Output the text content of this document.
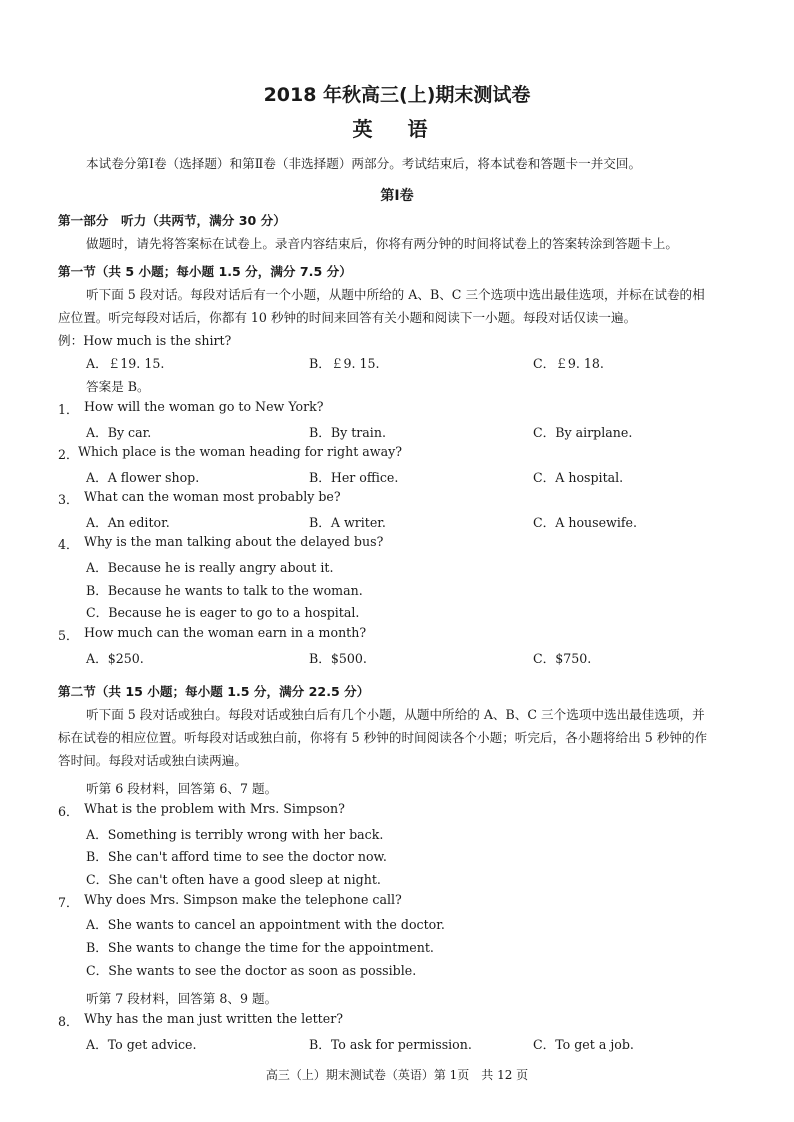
2018 年秋高三(上)期末测试卷
英 语
本试卷分第Ⅰ卷（选择题）和第Ⅱ卷（非选择题）两部分。考试结束后，将本试卷和答题卡一并交回。
第Ⅰ卷
第一部分　听力（共两节，满分 30 分）
做题时，请先将答案标在试卷上。录音内容结束后，你将有两分钟的时间将试卷上的答案转涂到答题卡上。
第一节（共 5 小题；每小题 1.5 分，满分 7.5 分）
听下面 5 段对话。每段对话后有一个小题，从题中所给的 A、B、C 三个选项中选出最佳选项，并标在试卷的相
应位置。听完每段对话后，你都有 10 秒钟的时间来回答有关小题和阅读下一小题。每段对话仅读一遍。
例：How much is the shirt?
A．￡19. 15.	B．￡9. 15.	C．￡9. 18.
答案是 B。
1． How will the woman go to New York?
A．By car.	B．By train.	C．By airplane.
2． Which place is the woman heading for right away?
A．A flower shop.	B．Her office.	C．A hospital.
3． What can the woman most probably be?
A．An editor.	B．A writer.	C．A housewife.
4． Why is the man talking about the delayed bus?
A．Because he is really angry about it.
B．Because he wants to talk to the woman.
C．Because he is eager to go to a hospital.
5． How much can the woman earn in a month?
A．$250.	B．$500.	C．$750.
第二节（共 15 小题；每小题 1.5 分，满分 22.5 分）
听下面 5 段对话或独白。每段对话或独白后有几个小题，从题中所给的 A、B、C 三个选项中选出最佳选项，并
标在试卷的相应位置。听每段对话或独白前，你将有 5 秒钟的时间阅读各个小题；听完后，各小题将给出 5 秒钟的作
答时间。每段对话或独白读两遍。
听第 6 段材料，回答第 6、7 题。
6． What is the problem with Mrs. Simpson?
A．Something is terribly wrong with her back.
B．She can't afford time to see the doctor now.
C．She can't often have a good sleep at night.
7． Why does Mrs. Simpson make the telephone call?
A．She wants to cancel an appointment with the doctor.
B．She wants to change the time for the appointment.
C．She wants to see the doctor as soon as possible.
听第 7 段材料，回答第 8、9 题。
8． Why has the man just written the letter?
A．To get advice.	B．To ask for permission.	C．To get a job.
高三（上）期末测试卷（英语）第 1页　共 12 页
